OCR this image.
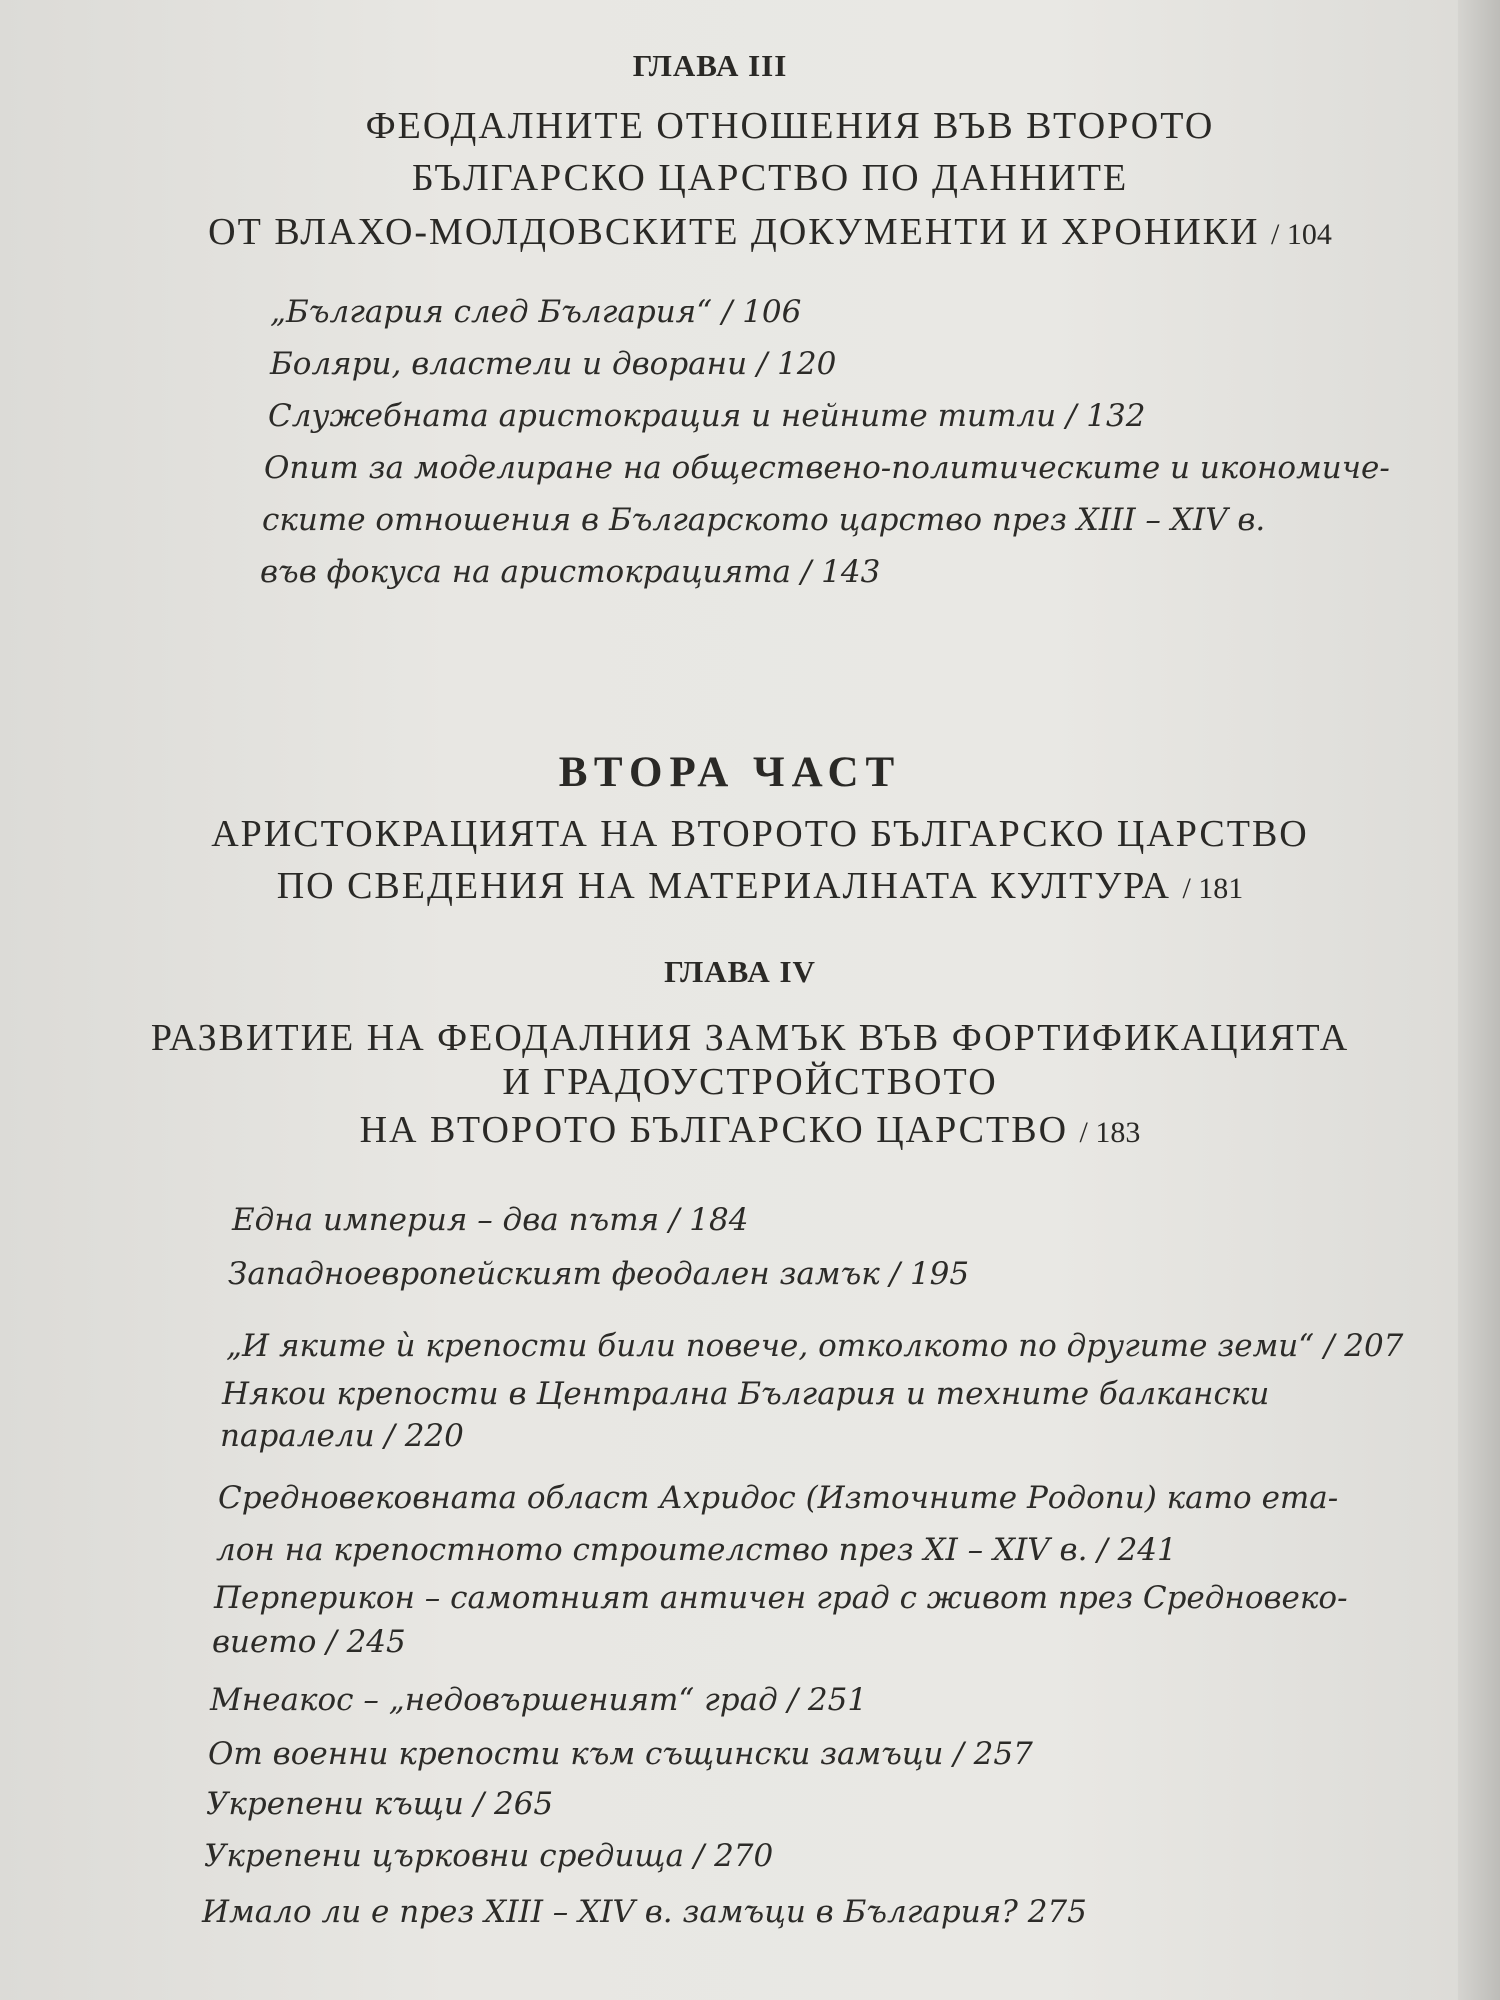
ГЛАВА III
ФЕОДАЛНИТЕ ОТНОШЕНИЯ ВЪВ ВТОРОТО
БЪЛГАРСКО ЦАРСТВО ПО ДАННИТЕ
ОТ ВЛАХО-МОЛДОВСКИТЕ ДОКУМЕНТИ И ХРОНИКИ / 104
„България след България“ / 106
Боляри, властели и дворани / 120
Служебната аристокрация и нейните титли / 132
Опит за моделиране на обществено-политическите и икономиче-
ските отношения в Българското царство през XIII – XIV в.
във фокуса на аристокрацията / 143
ВТОРА ЧАСТ
АРИСТОКРАЦИЯТА НА ВТОРОТО БЪЛГАРСКО ЦАРСТВО
ПО СВЕДЕНИЯ НА МАТЕРИАЛНАТА КУЛТУРА / 181
ГЛАВА IV
РАЗВИТИЕ НА ФЕОДАЛНИЯ ЗАМЪК ВЪВ ФОРТИФИКАЦИЯТА
И ГРАДОУСТРОЙСТВОТО
НА ВТОРОТО БЪЛГАРСКО ЦАРСТВО / 183
Една империя – два пътя / 184
Западноевропейският феодален замък / 195
„И яките ѝ крепости били повече, отколкото по другите земи“ / 207
Някои крепости в Централна България и техните балкански
паралели / 220
Средновековната област Ахридос (Източните Родопи) като ета-
лон на крепостното строителство през XI – XIV в. / 241
Перперикон – самотният античен град с живот през Средновеко-
вието / 245
Мнеакос – „недовършеният“ град / 251
От военни крепости към същински замъци / 257
Укрепени къщи / 265
Укрепени църковни средища / 270
Имало ли е през XIII – XIV в. замъци в България? 275
